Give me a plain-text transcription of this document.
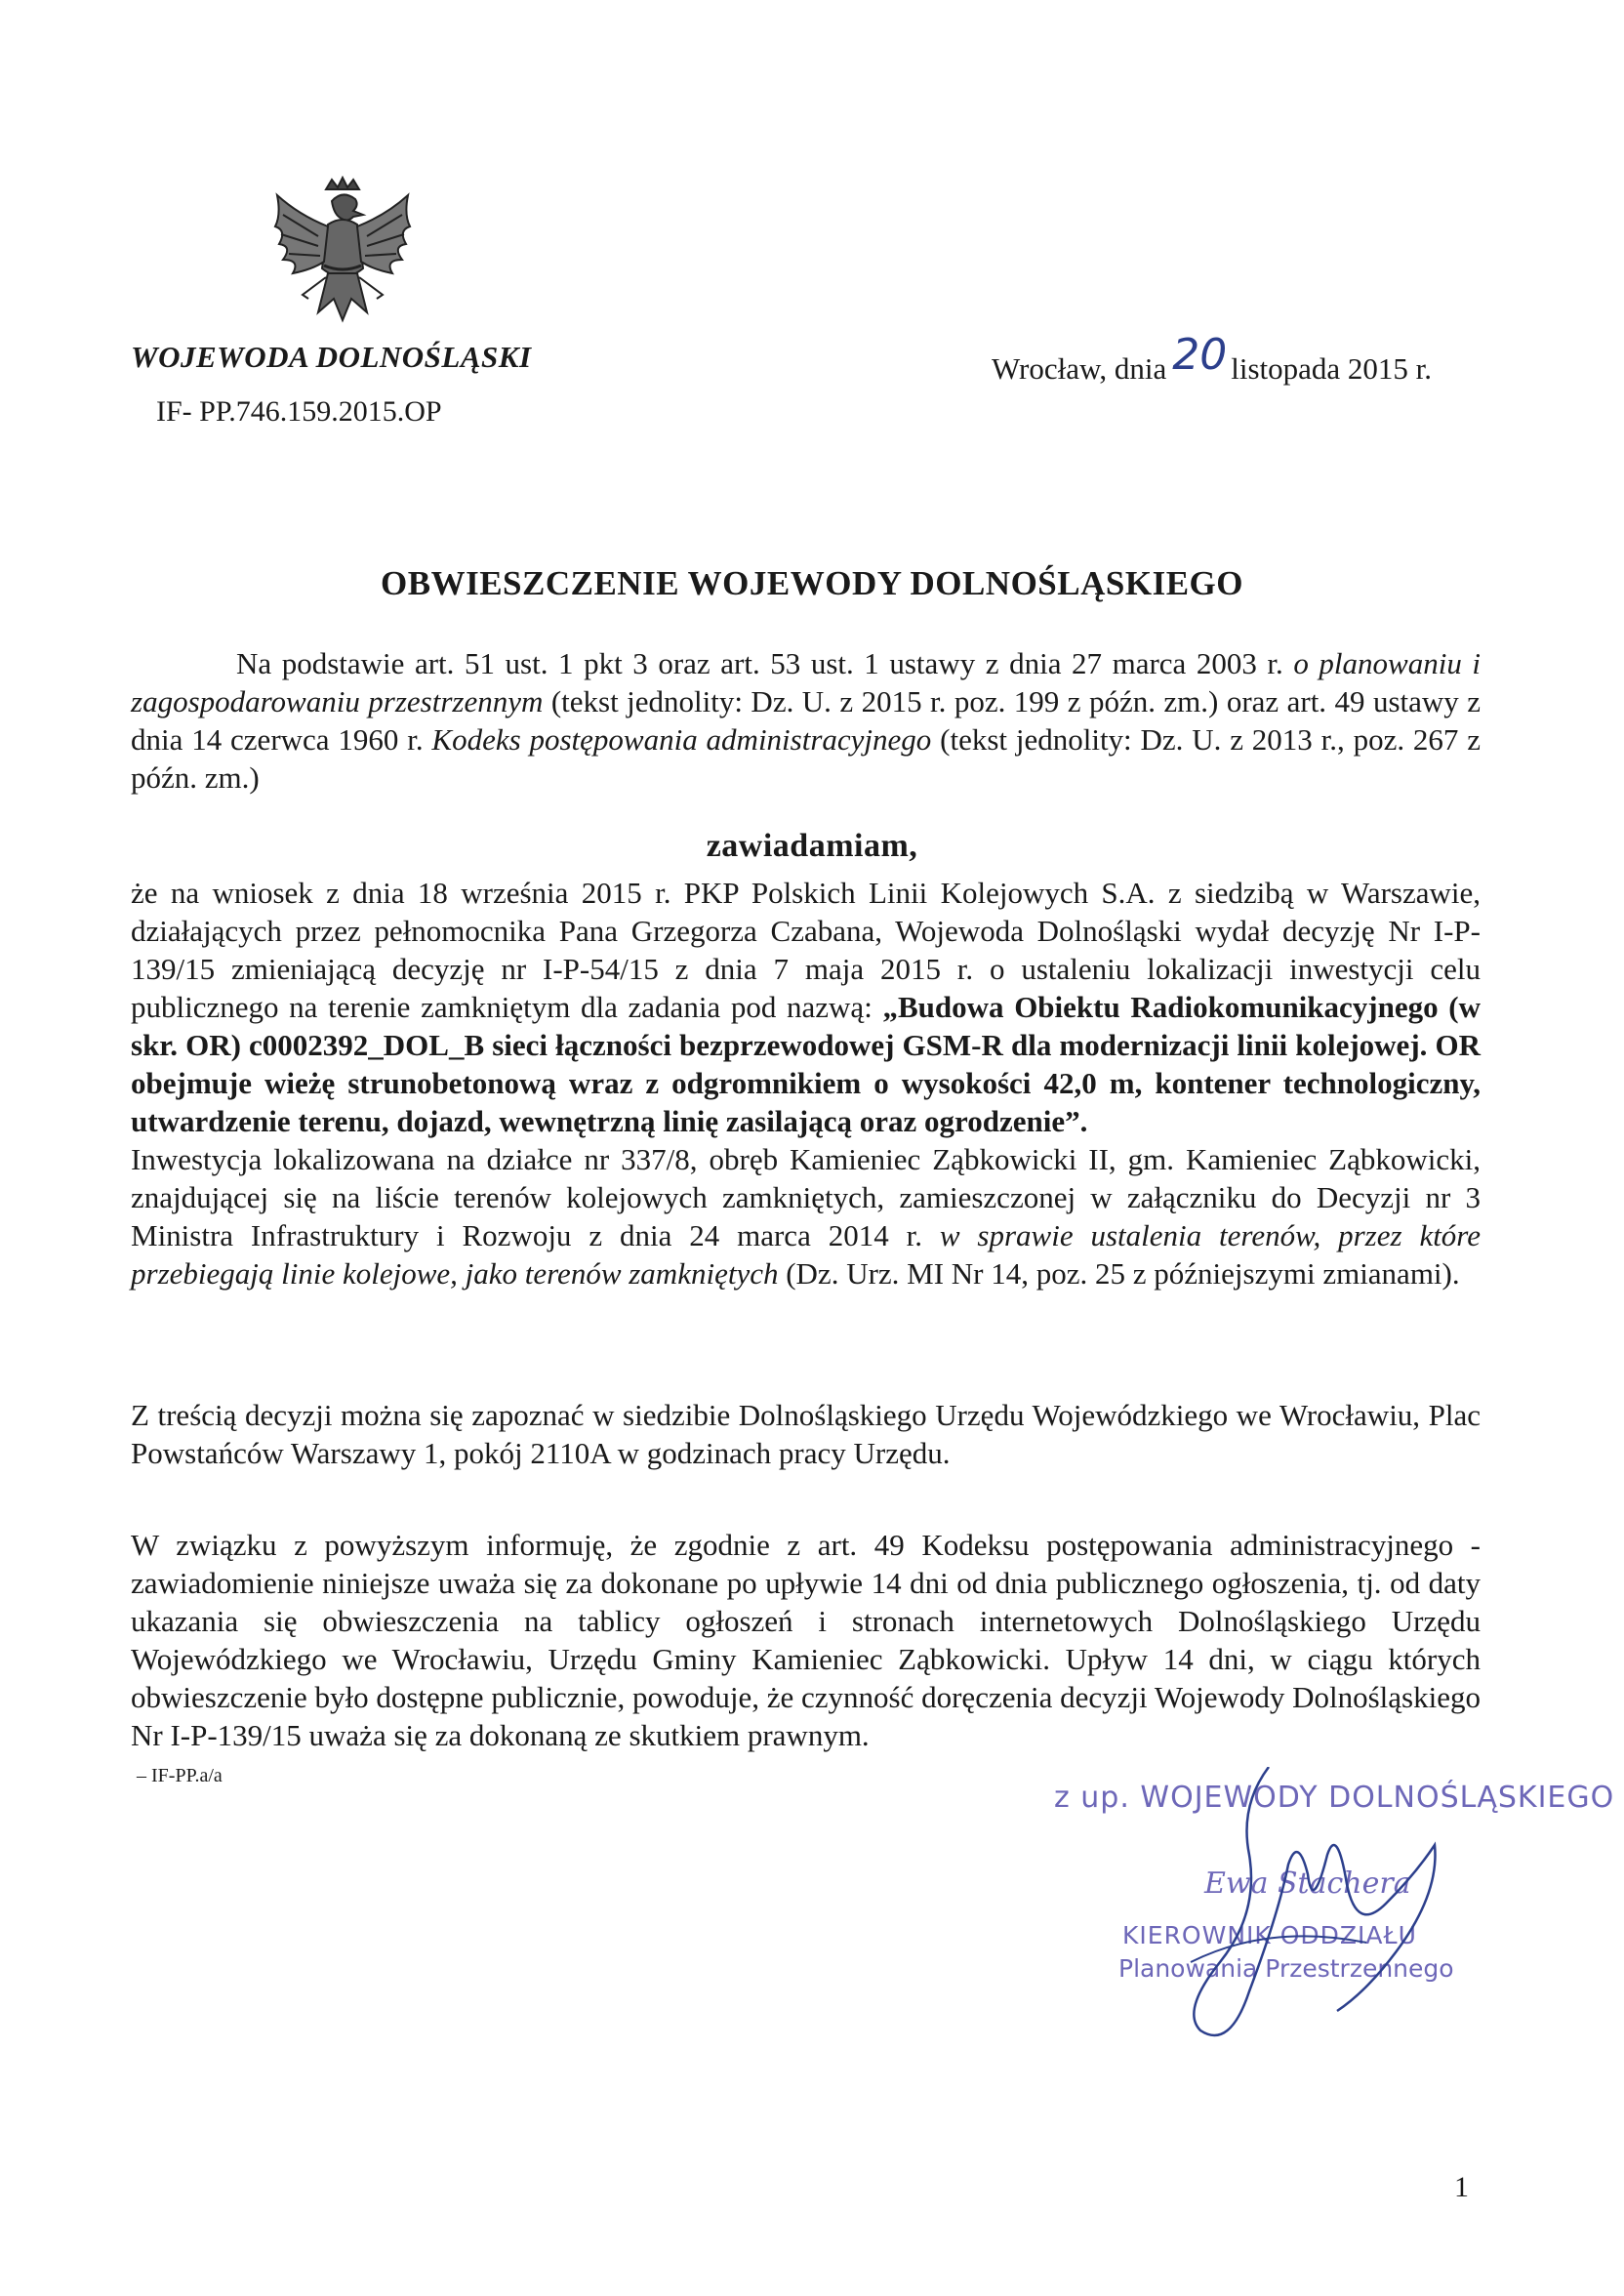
WOJEWODA DOLNOŚLĄSKI
IF- PP.746.159.2015.OP
Wrocław, dnia 20 listopada 2015 r.
OBWIESZCZENIE WOJEWODY DOLNOŚLĄSKIEGO
Na podstawie art. 51 ust. 1 pkt 3 oraz art. 53 ust. 1 ustawy z dnia 27 marca 2003 r. o planowaniu i zagospodarowaniu przestrzennym (tekst jednolity: Dz. U. z 2015 r. poz. 199 z późn. zm.) oraz art. 49 ustawy z dnia 14 czerwca 1960 r. Kodeks postępowania administracyjnego (tekst jednolity: Dz. U. z 2013 r., poz. 267 z późn. zm.)
zawiadamiam,
że na wniosek z dnia 18 września 2015 r. PKP Polskich Linii Kolejowych S.A. z siedzibą w Warszawie, działających przez pełnomocnika Pana Grzegorza Czabana, Wojewoda Dolnośląski wydał decyzję Nr I-P-139/15 zmieniającą decyzję nr I-P-54/15 z dnia 7 maja 2015 r. o ustaleniu lokalizacji inwestycji celu publicznego na terenie zamkniętym dla zadania pod nazwą: „Budowa Obiektu Radiokomunikacyjnego (w skr. OR) c0002392_DOL_B sieci łączności bezprzewodowej GSM-R dla modernizacji linii kolejowej. OR obejmuje wieżę strunobetonową wraz z odgromnikiem o wysokości 42,0 m, kontener technologiczny, utwardzenie terenu, dojazd, wewnętrzną linię zasilającą oraz ogrodzenie”.
Inwestycja lokalizowana na działce nr 337/8, obręb Kamieniec Ząbkowicki II, gm. Kamieniec Ząbkowicki, znajdującej się na liście terenów kolejowych zamkniętych, zamieszczonej w załączniku do Decyzji nr 3 Ministra Infrastruktury i Rozwoju z dnia 24 marca 2014 r. w sprawie ustalenia terenów, przez które przebiegają linie kolejowe, jako terenów zamkniętych (Dz. Urz. MI Nr 14, poz. 25 z późniejszymi zmianami).
Z treścią decyzji można się zapoznać w siedzibie Dolnośląskiego Urzędu Wojewódzkiego we Wrocławiu, Plac Powstańców Warszawy 1, pokój 2110A w godzinach pracy Urzędu.
W związku z powyższym informuję, że zgodnie z art. 49 Kodeksu postępowania administracyjnego - zawiadomienie niniejsze uważa się za dokonane po upływie 14 dni od dnia publicznego ogłoszenia, tj. od daty ukazania się obwieszczenia na tablicy ogłoszeń i stronach internetowych Dolnośląskiego Urzędu Wojewódzkiego we Wrocławiu, Urzędu Gminy Kamieniec Ząbkowicki. Upływ 14 dni, w ciągu których obwieszczenie było dostępne publicznie, powoduje, że czynność doręczenia decyzji Wojewody Dolnośląskiego Nr I-P-139/15 uważa się za dokonaną ze skutkiem prawnym.
– IF-PP.a/a
z up. WOJEWODY DOLNOŚLĄSKIEGO
Ewa Stachera
KIEROWNIK ODDZIAŁU
Planowania Przestrzennego
1
